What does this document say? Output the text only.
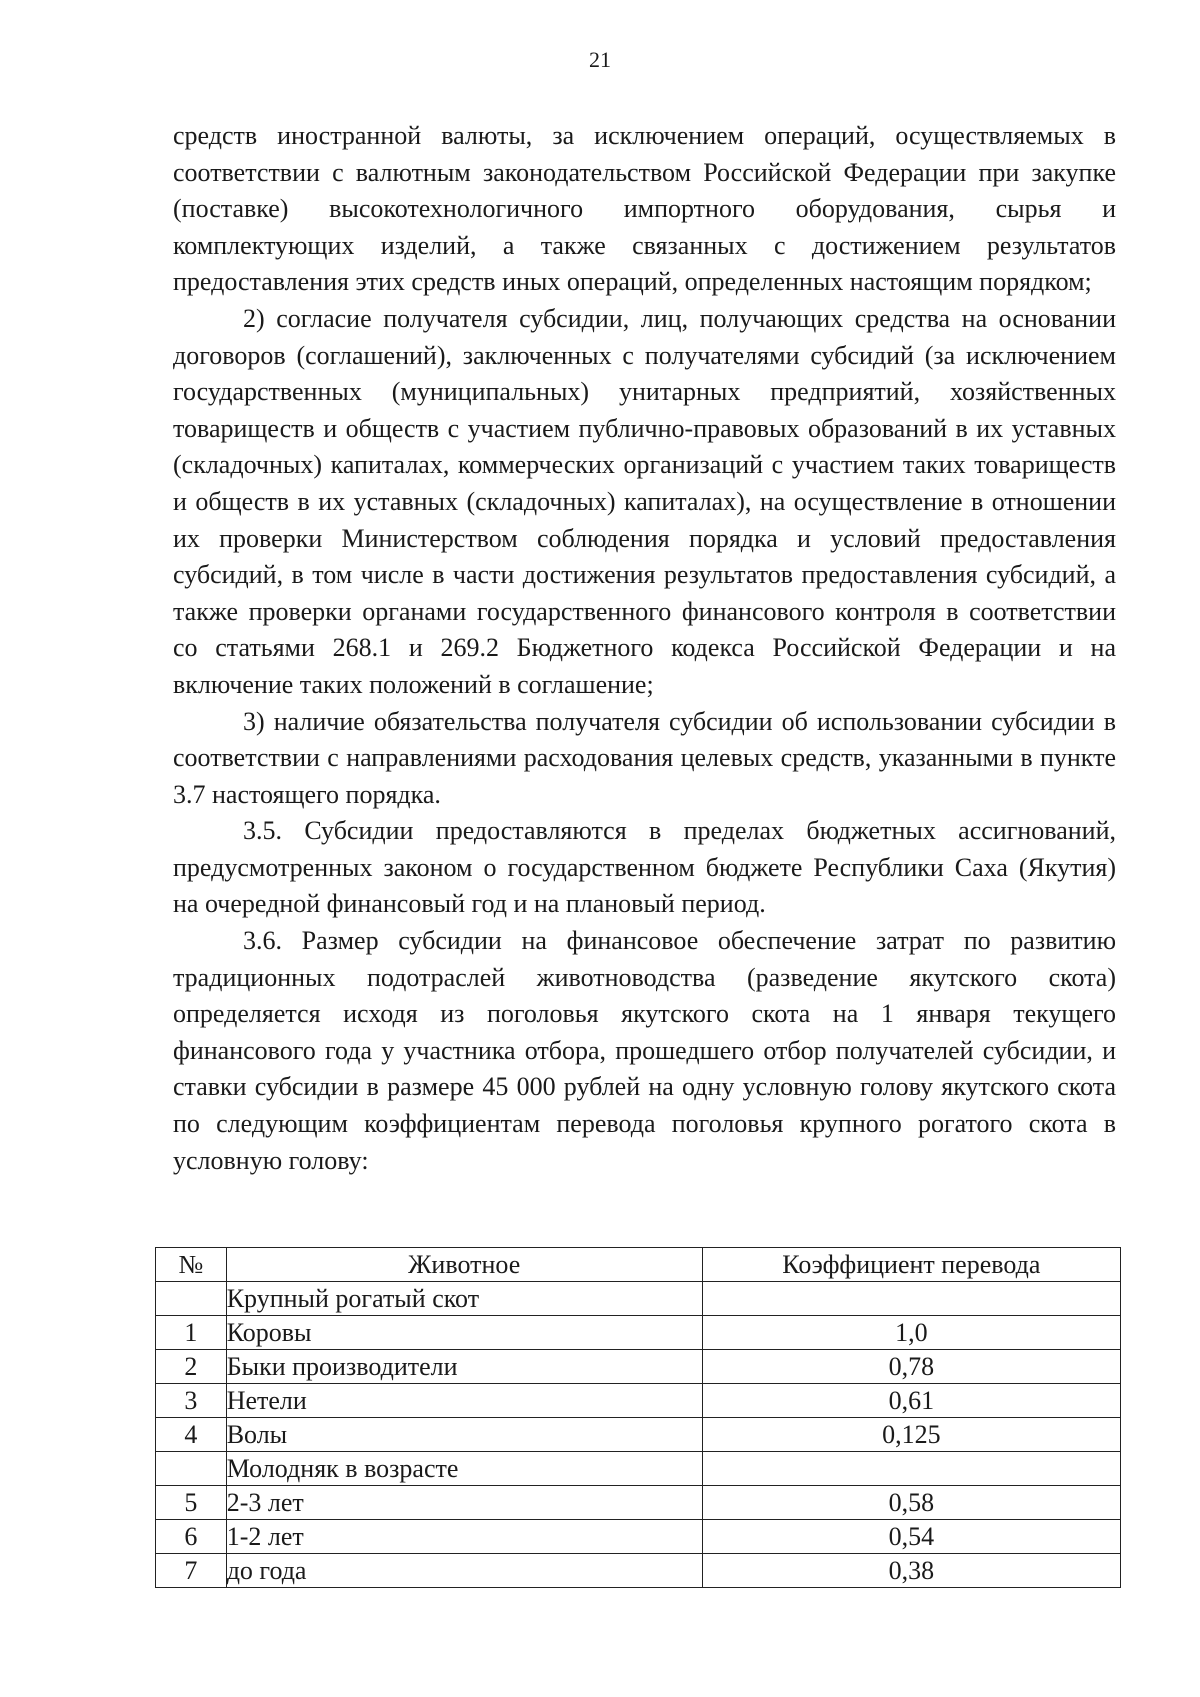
21

средств иностранной валюты, за исключением операций, осуществляемых в соответствии с валютным законодательством Российской Федерации при закупке (поставке) высокотехнологичного импортного оборудования, сырья и комплектующих изделий, а также связанных с достижением результатов предоставления этих средств иных операций, определенных настоящим порядком;

2) согласие получателя субсидии, лиц, получающих средства на основании договоров (соглашений), заключенных с получателями субсидий (за исключением государственных (муниципальных) унитарных предприятий, хозяйственных товариществ и обществ с участием публично-правовых образований в их уставных (складочных) капиталах, коммерческих организаций с участием таких товариществ и обществ в их уставных (складочных) капиталах), на осуществление в отношении их проверки Министерством соблюдения порядка и условий предоставления субсидий, в том числе в части достижения результатов предоставления субсидий, а также проверки органами государственного финансового контроля в соответствии со статьями 268.1 и 269.2 Бюджетного кодекса Российской Федерации и на включение таких положений в соглашение;

3) наличие обязательства получателя субсидии об использовании субсидии в соответствии с направлениями расходования целевых средств, указанными в пункте 3.7 настоящего порядка.

3.5. Субсидии предоставляются в пределах бюджетных ассигнований, предусмотренных законом о государственном бюджете Республики Саха (Якутия) на очередной финансовый год и на плановый период.

3.6. Размер субсидии на финансовое обеспечение затрат по развитию традиционных подотраслей животноводства (разведение якутского скота) определяется исходя из поголовья якутского скота на 1 января текущего финансового года у участника отбора, прошедшего отбор получателей субсидии, и ставки субсидии в размере 45 000 рублей на одну условную голову якутского скота по следующим коэффициентам перевода поголовья крупного рогатого скота в условную голову:

№	Животное	Коэффициент перевода
	Крупный рогатый скот	
1	Коровы	1,0
2	Быки производители	0,78
3	Нетели	0,61
4	Волы	0,125
	Молодняк в возрасте	
5	2-3 лет	0,58
6	1-2 лет	0,54
7	до года	0,38
